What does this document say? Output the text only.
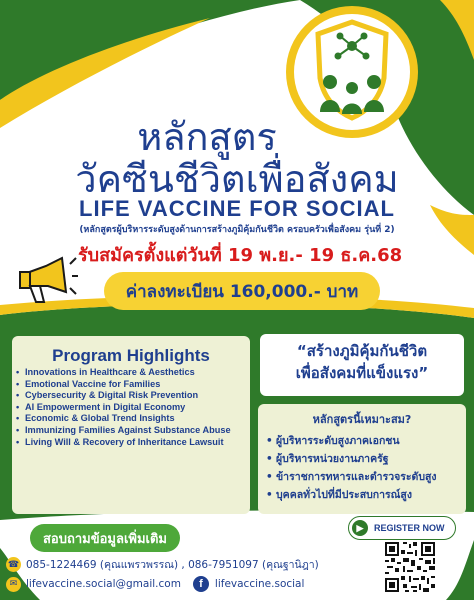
หลักสูตร
วัคซีนชีวิตเพื่อสังคม
LIFE VACCINE FOR SOCIAL
(หลักสูตรผู้บริหารระดับสูงด้านการสร้างภูมิคุ้มกันชีวิต ครอบครัวเพื่อสังคม รุ่นที่ 2)
รับสมัครตั้งแต่วันที่ 19 พ.ย.- 19 ธ.ค.68
ค่าลงทะเบียน 160,000.- บาท
Program Highlights
• Innovations in Healthcare & Aesthetics
• Emotional Vaccine for Families
• Cybersecurity & Digital Risk Prevention
• AI Empowerment in Digital Economy
• Economic & Global Trend Insights
• Immunizing Families Against Substance Abuse
• Living Will & Recovery of Inheritance Lawsuit
“สร้างภูมิคุ้มกันชีวิต
เพื่อสังคมที่แข็งแรง”
หลักสูตรนี้เหมาะสม?
• ผู้บริหารระดับสูงภาคเอกชน
• ผู้บริหารหน่วยงานภาครัฐ
• ข้าราชการทหารและตำรวจระดับสูง
• บุคคลทั่วไปที่มีประสบการณ์สูง
สอบถามข้อมูลเพิ่มเติม
▶	REGISTER NOW
☎ 085-1224469 (คุณแพรวพรรณ) , 086-7951097 (คุณฐานิฎา)
✉ lifevaccine.social@gmail.com	f	lifevaccine.social
